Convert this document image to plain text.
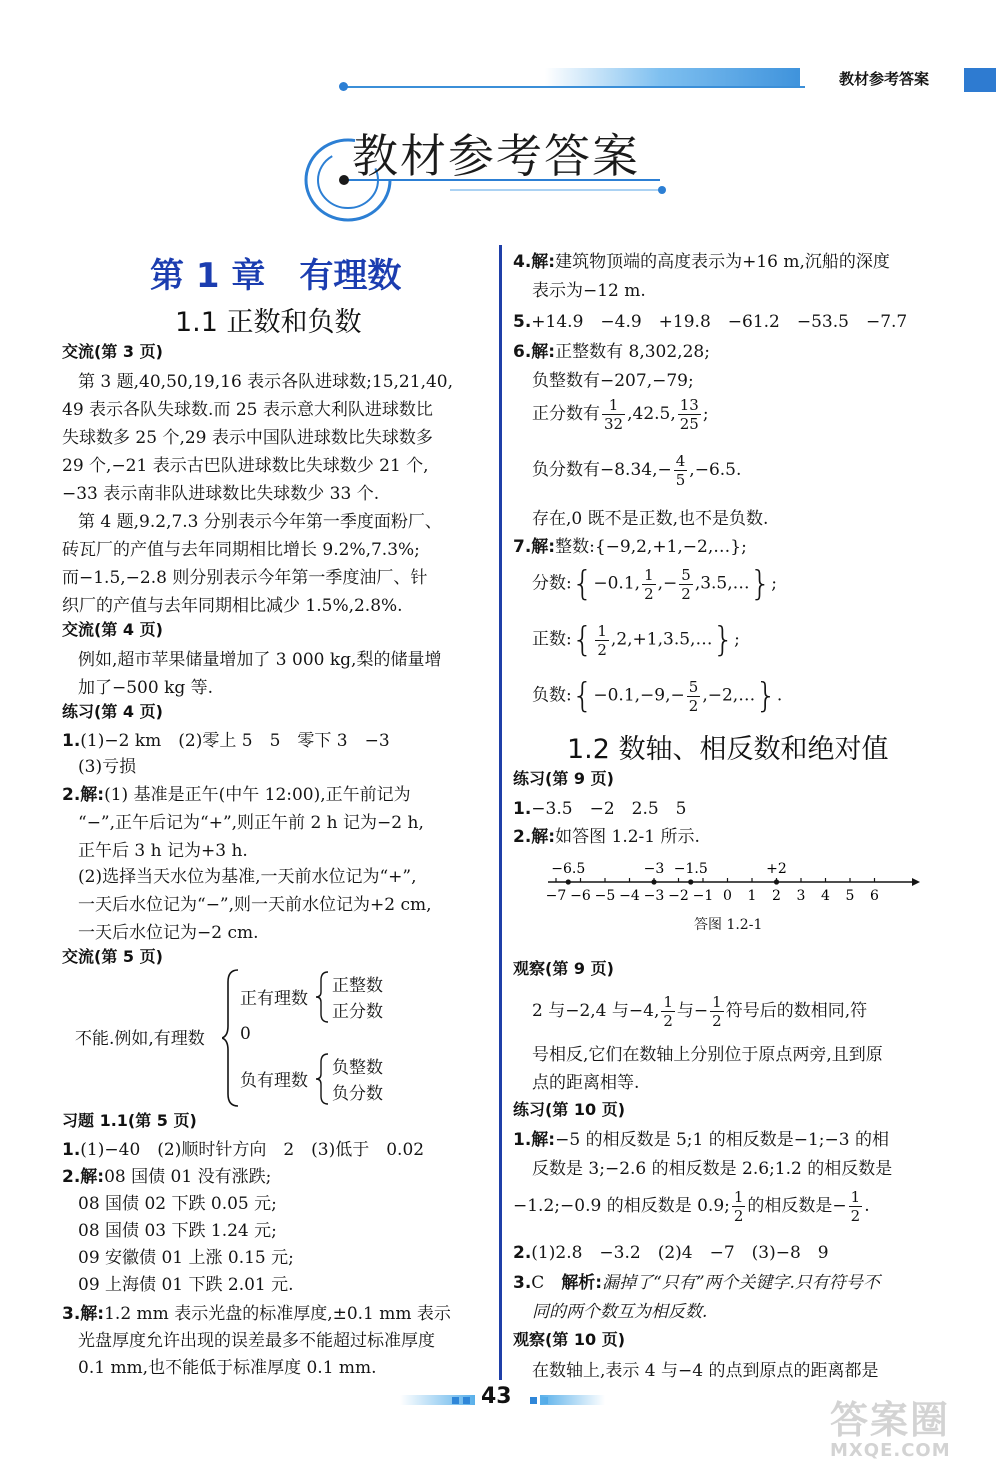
教材参考答案
教材参考答案
第 1 章　有理数
1.1 正数和负数
交流(第 3 页)
第 3 题,40,50,19,16 表示各队进球数;15,21,40,
49 表示各队失球数.而 25 表示意大利队进球数比
失球数多 25 个,29 表示中国队进球数比失球数多
29 个,−21 表示古巴队进球数比失球数少 21 个,
−33 表示南非队进球数比失球数少 33 个.
第 4 题,9.2,7.3 分别表示今年第一季度面粉厂、
砖瓦厂的产值与去年同期相比增长 9.2%,7.3%;
而−1.5,−2.8 则分别表示今年第一季度油厂、针
织厂的产值与去年同期相比减少 1.5%,2.8%.
交流(第 4 页)
例如,超市苹果储量增加了 3 000 kg,梨的储量增
加了−500 kg 等.
练习(第 4 页)
1.(1)−2 km　(2)零上 5　5　零下 3　−3
(3)亏损
2.解:(1) 基准是正午(中午 12:00),正午前记为
“−”,正午后记为“+”,则正午前 2 h 记为−2 h,
正午后 3 h 记为+3 h.
(2)选择当天水位为基准,一天前水位记为“+”,
一天后水位记为“−”,则一天前水位记为+2 cm,
一天后水位记为−2 cm.
交流(第 5 页)
不能.例如,有理数
正有理数
正整数
正分数
0
负有理数
负整数
负分数
习题 1.1(第 5 页)
1.(1)−40　(2)顺时针方向　2　(3)低于　0.02
2.解:08 国债 01 没有涨跌;
08 国债 02 下跌 0.05 元;
08 国债 03 下跌 1.24 元;
09 安徽债 01 上涨 0.15 元;
09 上海债 01 下跌 2.01 元.
3.解:1.2 mm 表示光盘的标准厚度,±0.1 mm 表示
光盘厚度允许出现的误差最多不能超过标准厚度
0.1 mm,也不能低于标准厚度 0.1 mm.
4.解:建筑物顶端的高度表示为+16 m,沉船的深度
表示为−12 m.
5.+14.9　−4.9　+19.8　−61.2　−53.5　−7.7
6.解:正整数有 8,302,28;
负整数有−207,−79;
正分数有 $\frac{1}{32} ,42.5$, $\frac{13}{25}$ ;
负分数有$-8.34,- \frac{4}{5} ,-6.5$.
存在,0 既不是正数,也不是负数.
7.解:整数:{−9,2,+1,−2,…};
分数:{−0.1, $\frac{1}{2}$ ,− $\frac{5}{2}$ ,3.5,…};
正数:{ $\frac{1}{2}$ ,2,+1,3.5,…};
负数:{−0.1,−9,− $\frac{5}{2}$ ,−2,…}.
1.2 数轴、相反数和绝对值
练习(第 9 页)
1.−3.5　−2　2.5　5
2.解:如答图 1.2-1 所示.
−7 −6 −5 −4 −3 −2 −1 0 1 2 3 4 5 6
−6.5	−3 −1.5	+2
答图 1.2-1
观察(第 9 页)
2 与−2,4 与−4, $\frac{1}{2}$ 与− $\frac{1}{2}$ 符号后的数相同,符
号相反,它们在数轴上分别位于原点两旁,且到原
点的距离相等.
练习(第 10 页)
1.解:−5 的相反数是 5;1 的相反数是−1;−3 的相
反数是 3;−2.6 的相反数是 2.6;1.2 的相反数是
−1.2;−0.9 的相反数是 0.9; $\frac{1}{2}$ 的相反数是− $\frac{1}{2}$ .
2.(1)2.8　−3.2　(2)4　−7　(3)−8　9
3.C　解析:漏掉了“只有”两个关键字.只有符号不
同的两个数互为相反数.
观察(第 10 页)
在数轴上,表示 4 与−4 的点到原点的距离都是
43
答案圈
MXQE.COM
